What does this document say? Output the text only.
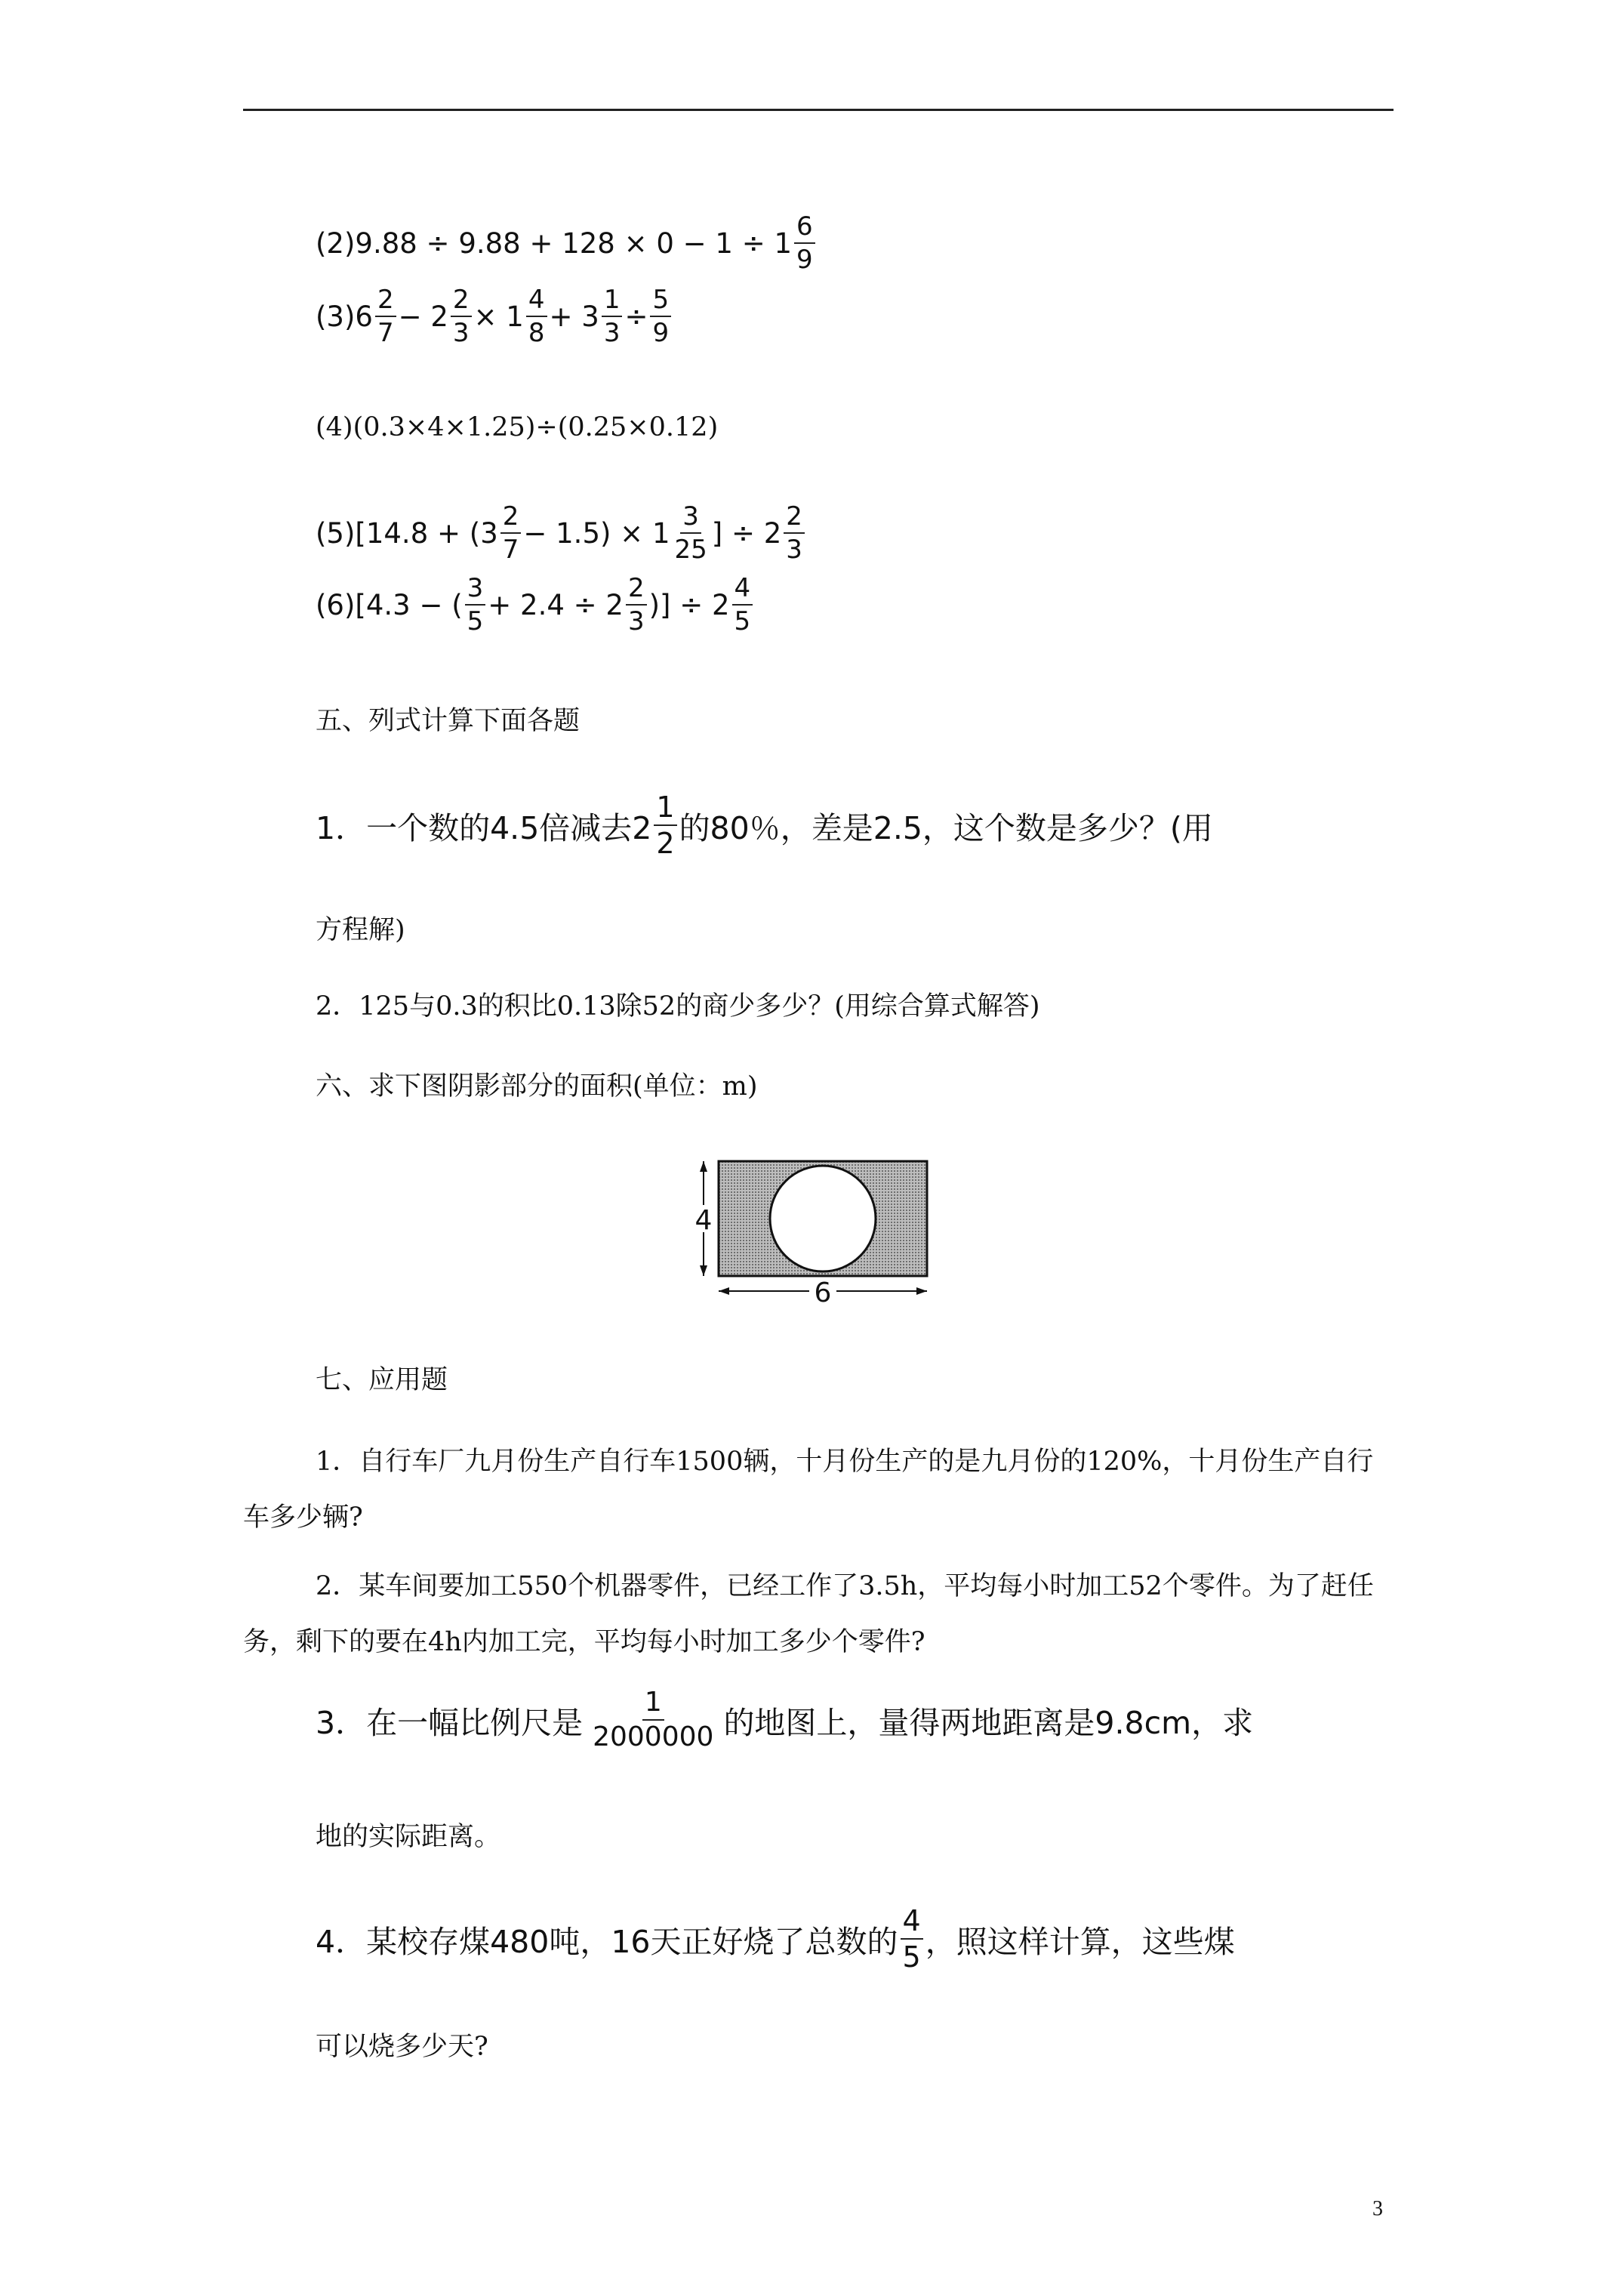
$(2)9.88 \div 9.88 + 128 \times 0 - 1 \div 1 \frac{6}{9}$
$(3)6 \frac{2}{7} - 2 \frac{2}{3} \times 1 \frac{4}{8} + 3 \frac{1}{3} \div \frac{5}{9}$
(4)(0.3×4×1.25)÷(0.25×0.12)
$(5)[14.8 + (3 \frac{2}{7} - 1.5) \times 1 \frac{3}{25}$ ] ÷ $2 \frac{2}{3}$
(6)[4.3 − ( $\frac{3}{5} + 2.4 \div 2 \frac{2}{3}$ )] ÷ $2 \frac{4}{5}$
五、列式计算下面各题
1．一个数的4.5倍减去$2 \frac{1}{2}$ 的80％，差是2.5，这个数是多少？(用
方程解)
2．125与0.3的积比0.13除52的商少多少？(用综合算式解答)
六、求下图阴影部分的面积(单位：m)
4
6
七、应用题
1．自行车厂九月份生产自行车1500辆，十月份生产的是九月份的120%，十月份生产自行车多少辆?
2．某车间要加工550个机器零件，已经工作了3.5h，平均每小时加工52个零件。为了赶任务，剩下的要在4h内加工完，平均每小时加工多少个零件?
3．在一幅比例尺是 $\frac{1}{2000000}$ 的地图上，量得两地距离是9.8cm，求
地的实际距离。
4．某校存煤480吨，16天正好烧了总数的 $\frac{4}{5}$ ，照这样计算，这些煤
可以烧多少天?
3
